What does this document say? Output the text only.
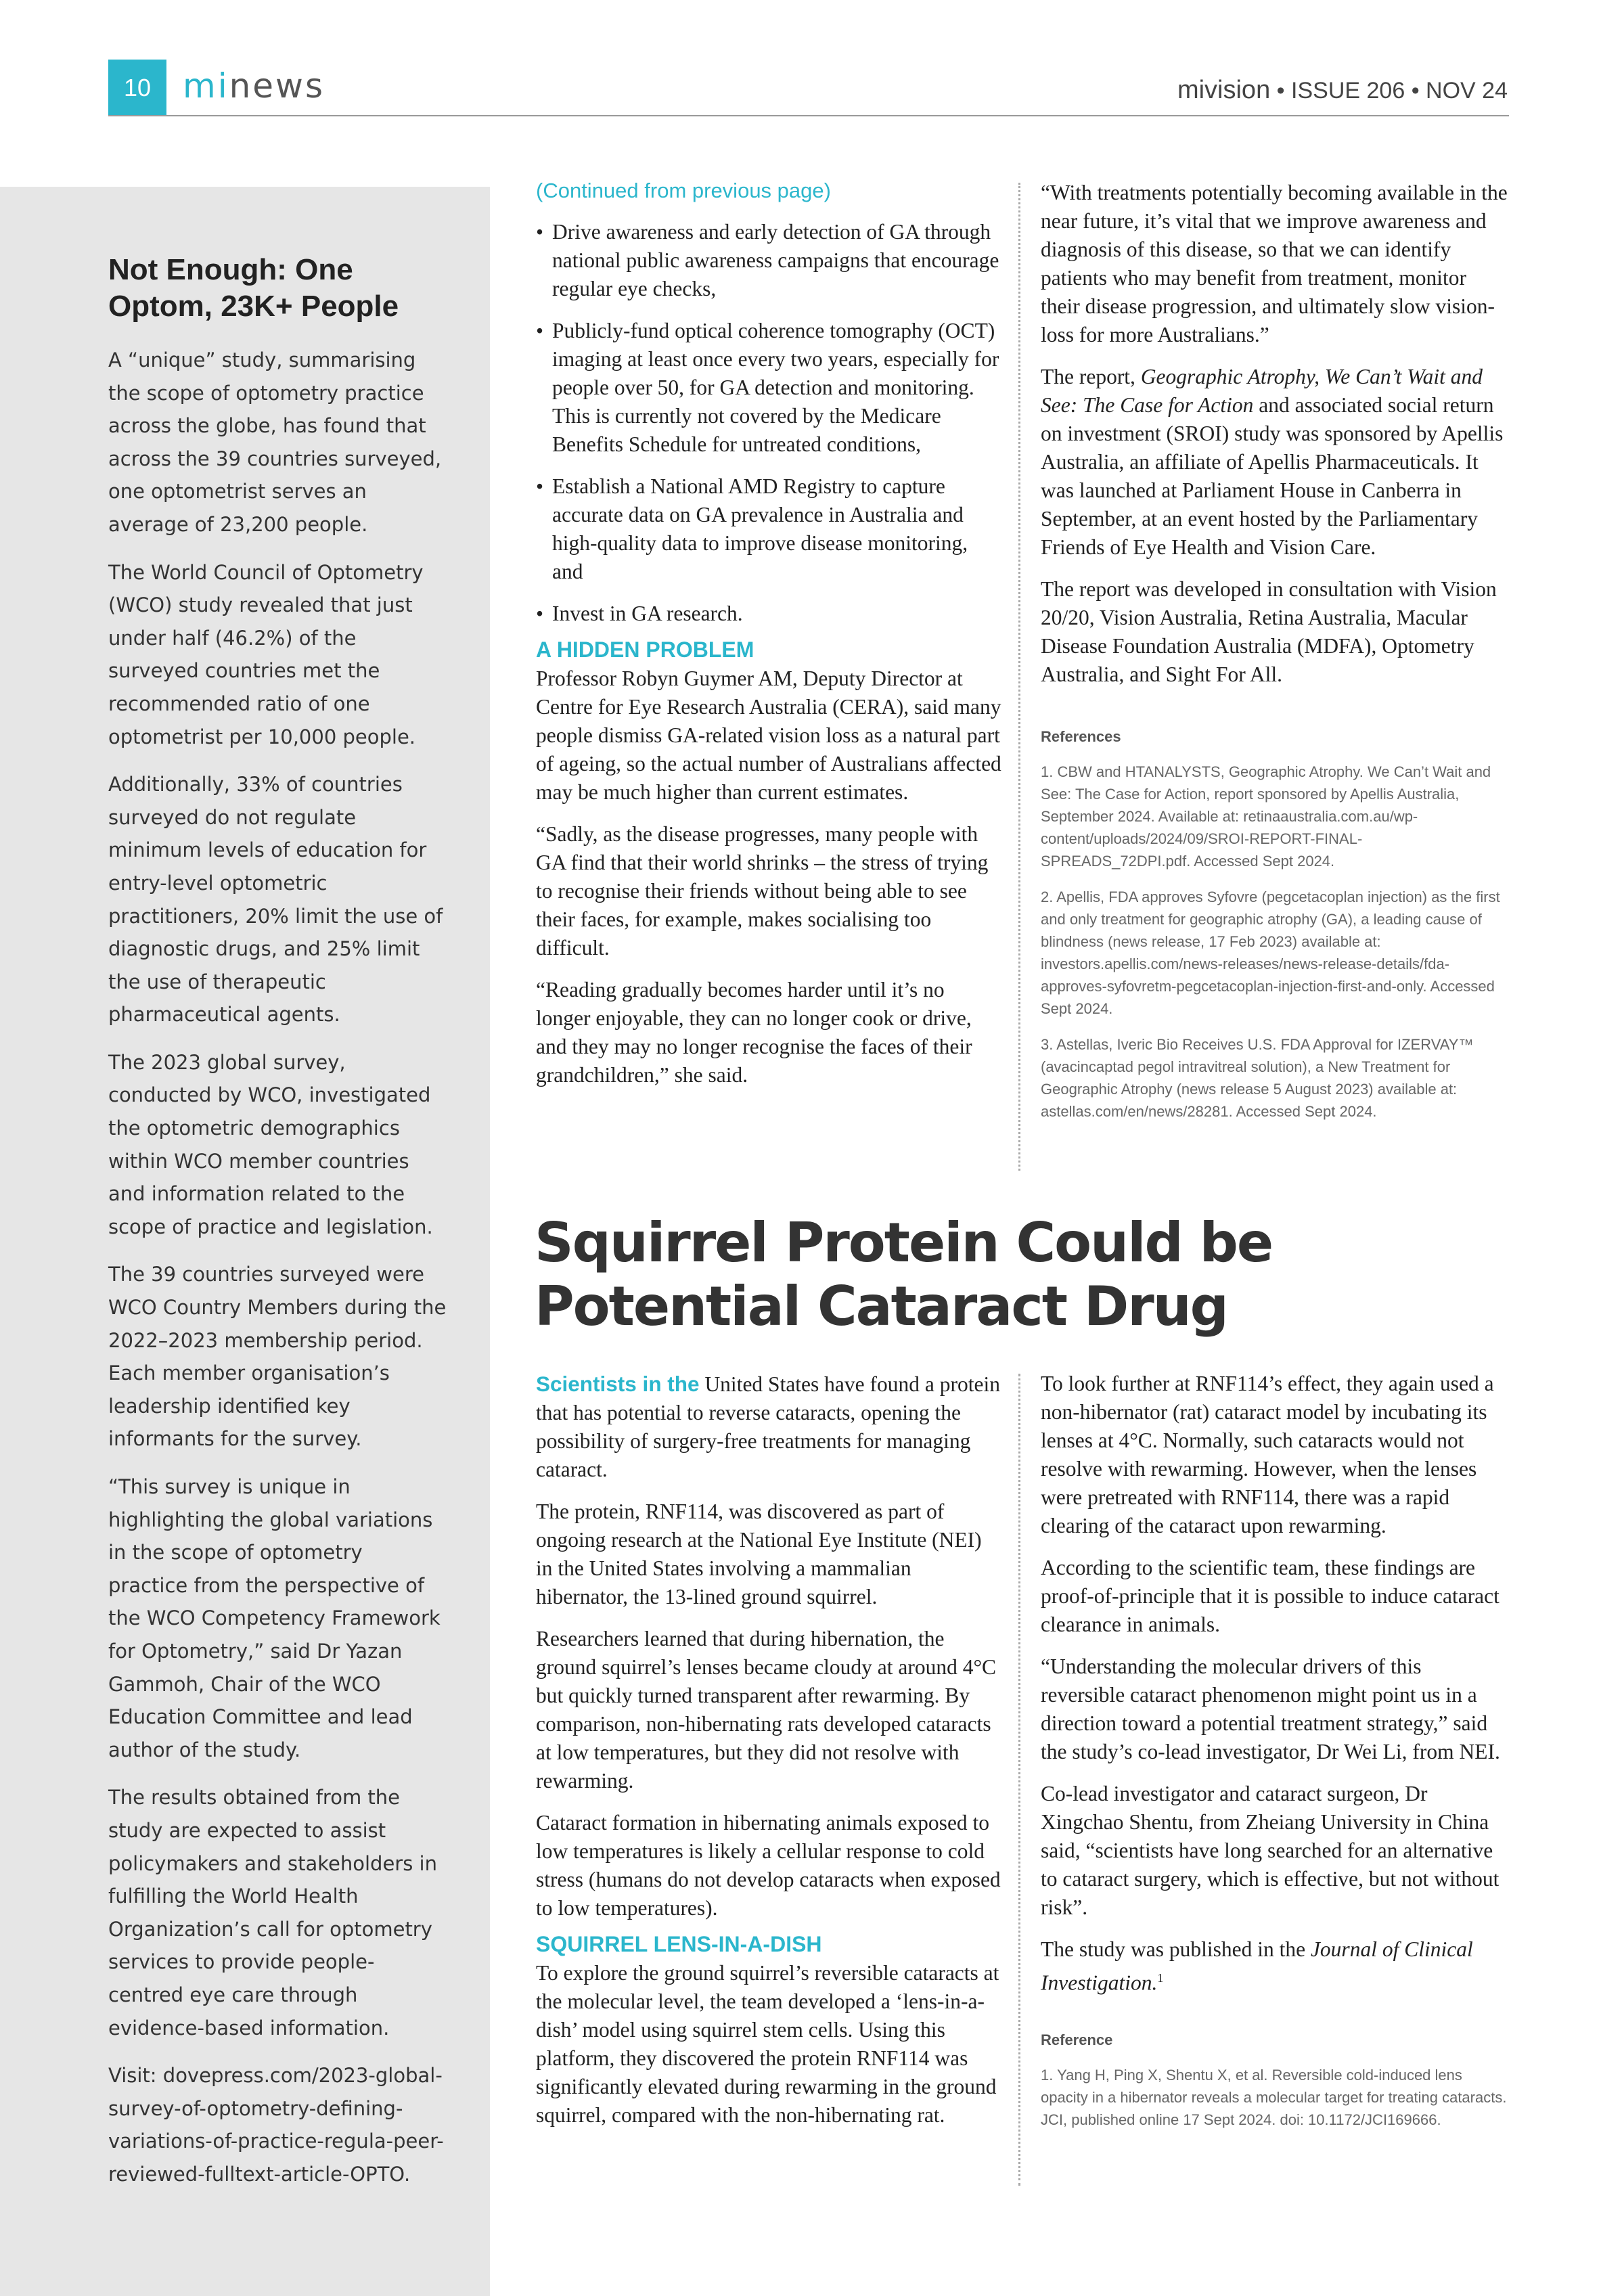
10 minews	mivision • ISSUE 206 • NOV 24
Not Enough: One Optom, 23K+ People

A “unique” study, summarising the scope of optometry practice across the globe, has found that across the 39 countries surveyed, one optometrist serves an average of 23,200 people.

The World Council of Optometry (WCO) study revealed that just under half (46.2%) of the surveyed countries met the recommended ratio of one optometrist per 10,000 people.

Additionally, 33% of countries surveyed do not regulate minimum levels of education for entry-level optometric practitioners, 20% limit the use of diagnostic drugs, and 25% limit the use of therapeutic pharmaceutical agents.

The 2023 global survey, conducted by WCO, investigated the optometric demographics within WCO member countries and information related to the scope of practice and legislation.

The 39 countries surveyed were WCO Country Members during the 2022–2023 membership period. Each member organisation’s leadership identified key informants for the survey.

“This survey is unique in highlighting the global variations in the scope of optometry practice from the perspective of the WCO Competency Framework for Optometry,” said Dr Yazan Gammoh, Chair of the WCO Education Committee and lead author of the study.

The results obtained from the study are expected to assist policymakers and stakeholders in fulfilling the World Health Organization’s call for optometry services to provide people-centred eye care through evidence-based information.

Visit: dovepress.com/2023-global-survey-of-optometry-defining-variations-of-practice-regula-peer-reviewed-fulltext-article-OPTO.

(Continued from previous page)

• Drive awareness and early detection of GA through national public awareness campaigns that encourage regular eye checks,
• Publicly-fund optical coherence tomography (OCT) imaging at least once every two years, especially for people over 50, for GA detection and monitoring. This is currently not covered by the Medicare Benefits Schedule for untreated conditions,
• Establish a National AMD Registry to capture accurate data on GA prevalence in Australia and high-quality data to improve disease monitoring, and
• Invest in GA research.
A HIDDEN PROBLEM

Professor Robyn Guymer AM, Deputy Director at Centre for Eye Research Australia (CERA), said many people dismiss GA-related vision loss as a natural part of ageing, so the actual number of Australians affected may be much higher than current estimates.

“Sadly, as the disease progresses, many people with GA find that their world shrinks – the stress of trying to recognise their friends without being able to see their faces, for example, makes socialising too difficult.

“Reading gradually becomes harder until it’s no longer enjoyable, they can no longer cook or drive, and they may no longer recognise the faces of their grandchildren,” she said.

“With treatments potentially becoming available in the near future, it’s vital that we improve awareness and diagnosis of this disease, so that we can identify patients who may benefit from treatment, monitor their disease progression, and ultimately slow vision-loss for more Australians.”

The report, Geographic Atrophy, We Can’t Wait and See: The Case for Action and associated social return on investment (SROI) study was sponsored by Apellis Australia, an affiliate of Apellis Pharmaceuticals. It was launched at Parliament House in Canberra in September, at an event hosted by the Parliamentary Friends of Eye Health and Vision Care.

The report was developed in consultation with Vision 20/20, Vision Australia, Retina Australia, Macular Disease Foundation Australia (MDFA), Optometry Australia, and Sight For All.

References

1. CBW and HTANALYSTS, Geographic Atrophy. We Can’t Wait and See: The Case for Action, report sponsored by Apellis Australia, September 2024. Available at: retinaaustralia.com.au/wp-content/uploads/2024/09/SROI-REPORT-FINAL-SPREADS_72DPI.pdf. Accessed Sept 2024.

2. Apellis, FDA approves Syfovre (pegcetacoplan injection) as the first and only treatment for geographic atrophy (GA), a leading cause of blindness (news release, 17 Feb 2023) available at: investors.apellis.com/news-releases/news-release-details/fda-approves-syfovretm-pegcetacoplan-injection-first-and-only. Accessed Sept 2024.

3. Astellas, Iveric Bio Receives U.S. FDA Approval for IZERVAY™ (avacincaptad pegol intravitreal solution), a New Treatment for Geographic Atrophy (news release 5 August 2023) available at: astellas.com/en/news/28281. Accessed Sept 2024.

Squirrel Protein Could be Potential Cataract Drug

Scientists in the United States have found a protein that has potential to reverse cataracts, opening the possibility of surgery-free treatments for managing cataract.

The protein, RNF114, was discovered as part of ongoing research at the National Eye Institute (NEI) in the United States involving a mammalian hibernator, the 13-lined ground squirrel.

Researchers learned that during hibernation, the ground squirrel’s lenses became cloudy at around 4°C but quickly turned transparent after rewarming. By comparison, non-hibernating rats developed cataracts at low temperatures, but they did not resolve with rewarming.

Cataract formation in hibernating animals exposed to low temperatures is likely a cellular response to cold stress (humans do not develop cataracts when exposed to low temperatures).

SQUIRREL LENS-IN-A-DISH

To explore the ground squirrel’s reversible cataracts at the molecular level, the team developed a ‘lens-in-a-dish’ model using squirrel stem cells. Using this platform, they discovered the protein RNF114 was significantly elevated during rewarming in the ground squirrel, compared with the non-hibernating rat.

To look further at RNF114’s effect, they again used a non-hibernator (rat) cataract model by incubating its lenses at 4°C. Normally, such cataracts would not resolve with rewarming. However, when the lenses were pretreated with RNF114, there was a rapid clearing of the cataract upon rewarming.

According to the scientific team, these findings are proof-of-principle that it is possible to induce cataract clearance in animals.

“Understanding the molecular drivers of this reversible cataract phenomenon might point us in a direction toward a potential treatment strategy,” said the study’s co-lead investigator, Dr Wei Li, from NEI.

Co-lead investigator and cataract surgeon, Dr Xingchao Shentu, from Zheiang University in China said, “scientists have long searched for an alternative to cataract surgery, which is effective, but not without risk”.

The study was published in the Journal of Clinical Investigation.$^1$

Reference

1. Yang H, Ping X, Shentu X, et al. Reversible cold-induced lens opacity in a hibernator reveals a molecular target for treating cataracts. JCI, published online 17 Sept 2024. doi: 10.1172/JCI169666.
